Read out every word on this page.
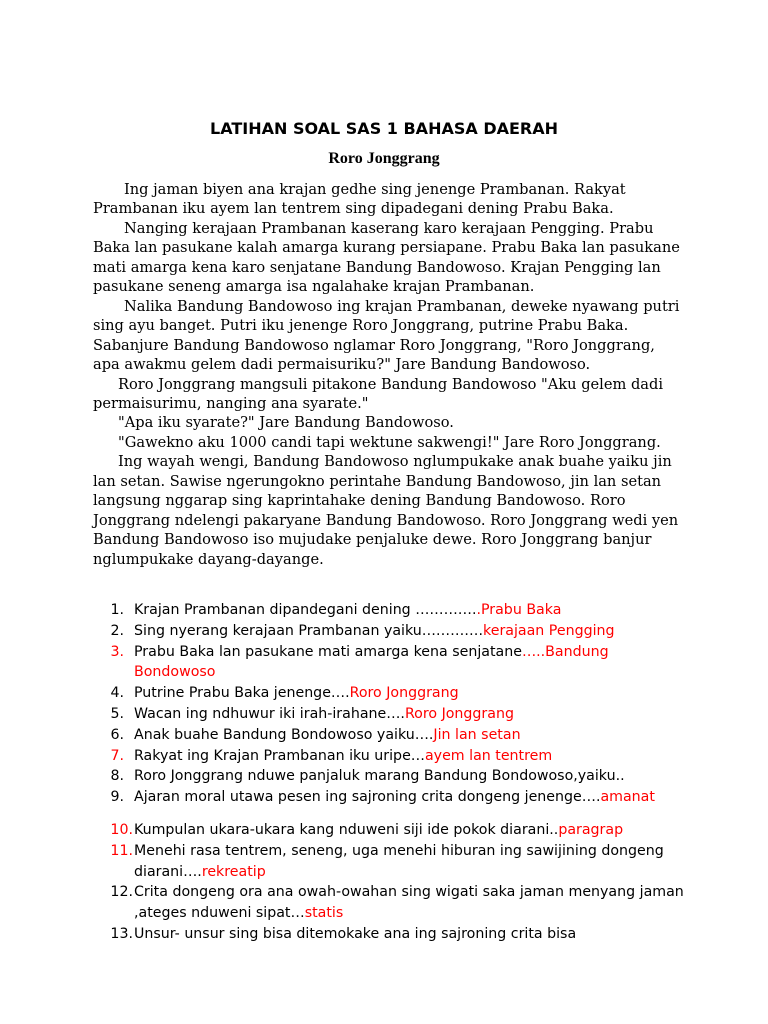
LATIHAN SOAL SAS 1 BAHASA DAERAH
Roro Jonggrang

Ing jaman biyen ana krajan gedhe sing jenenge Prambanan. Rakyat Prambanan iku ayem lan tentrem sing dipadegani dening Prabu Baka.

Nanging kerajaan Prambanan kaserang karo kerajaan Pengging. Prabu Baka lan pasukane kalah amarga kurang persiapane. Prabu Baka lan pasukane mati amarga kena karo senjatane Bandung Bandowoso. Krajan Pengging lan pasukane seneng amarga isa ngalahake krajan Prambanan.

Nalika Bandung Bandowoso ing krajan Prambanan, deweke nyawang putri sing ayu banget. Putri iku jenenge Roro Jonggrang, putrine Prabu Baka. Sabanjure Bandung Bandowoso nglamar Roro Jonggrang, "Roro Jonggrang, apa awakmu gelem dadi permaisuriku?" Jare Bandung Bandowoso.

Roro Jonggrang mangsuli pitakone Bandung Bandowoso "Aku gelem dadi permaisurimu, nanging ana syarate."

"Apa iku syarate?" Jare Bandung Bandowoso.

"Gawekno aku 1000 candi tapi wektune sakwengi!" Jare Roro Jonggrang.

Ing wayah wengi, Bandung Bandowoso nglumpukake anak buahe yaiku jin lan setan. Sawise ngerungokno perintahe Bandung Bandowoso, jin lan setan langsung nggarap sing kaprintahake dening Bandung Bandowoso. Roro Jonggrang ndelengi pakaryane Bandung Bandowoso. Roro Jonggrang wedi yen Bandung Bandowoso iso mujudake penjaluke dewe. Roro Jonggrang banjur nglumpukake dayang-dayange.

1. Krajan Prambanan dipandegani dening …………..Prabu Baka
2. Sing nyerang kerajaan Prambanan yaiku………….kerajaan Pengging
3. Prabu Baka lan pasukane mati amarga kena senjatane…..Bandung Bondowoso
4. Putrine Prabu Baka jenenge….Roro Jonggrang
5. Wacan ing ndhuwur iki irah-irahane….Roro Jonggrang
6. Anak buahe Bandung Bondowoso yaiku….Jin lan setan
7. Rakyat ing Krajan Prambanan iku uripe…ayem lan tentrem
8. Roro Jonggrang nduwe panjaluk marang Bandung Bondowoso,yaiku..
9. Ajaran moral utawa pesen ing sajroning crita dongeng jenenge….amanat
10. Kumpulan ukara-ukara kang nduweni siji ide pokok diarani..paragrap
11. Menehi rasa tentrem, seneng, uga menehi hiburan ing sawijining dongeng diarani….rekreatip
12. Crita dongeng ora ana owah-owahan sing wigati saka jaman menyang jaman ,ateges nduweni sipat…statis
13. Unsur- unsur sing bisa ditemokake ana ing sajroning crita bisa
